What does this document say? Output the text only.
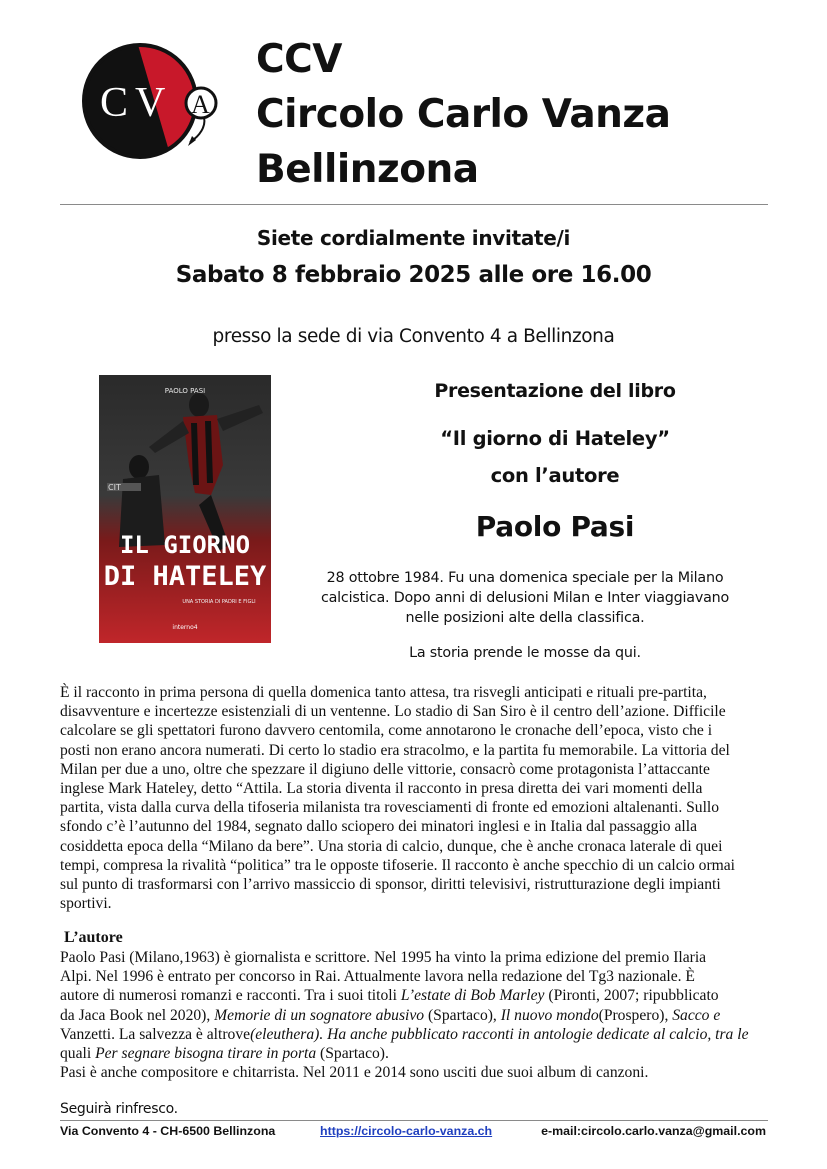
C V A
CCV
Circolo Carlo Vanza
Bellinzona
Siete cordialmente invitate/i
Sabato 8 febbraio 2025 alle ore 16.00
presso la sede di via Convento 4 a Bellinzona
CIT
PAOLO PASI
IL GIORNO
DI HATELEY
UNA STORIA DI PADRI E FIGLI
interno4
Presentazione del libro
“Il giorno di Hateley”
con l’autore
Paolo Pasi
28 ottobre 1984. Fu una domenica speciale per la Milano
calcistica. Dopo anni di delusioni Milan e Inter viaggiavano
nelle posizioni alte della classifica.
La storia prende le mosse da qui.
È il racconto in prima persona di quella domenica tanto attesa, tra risvegli anticipati e rituali pre-partita,
disavventure e incertezze esistenziali di un ventenne. Lo stadio di San Siro è il centro dell’azione. Difficile
calcolare se gli spettatori furono davvero centomila, come annotarono le cronache dell’epoca, visto che i
posti non erano ancora numerati. Di certo lo stadio era stracolmo, e la partita fu memorabile. La vittoria del
Milan per due a uno, oltre che spezzare il digiuno delle vittorie, consacrò come protagonista l’attaccante
inglese Mark Hateley, detto “Attila. La storia diventa il racconto in presa diretta dei vari momenti della
partita, vista dalla curva della tifoseria milanista tra rovesciamenti di fronte ed emozioni altalenanti. Sullo
sfondo c’è l’autunno del 1984, segnato dallo sciopero dei minatori inglesi e in Italia dal passaggio alla
cosiddetta epoca della “Milano da bere”. Una storia di calcio, dunque, che è anche cronaca laterale di quei
tempi, compresa la rivalità “politica” tra le opposte tifoserie. Il racconto è anche specchio di un calcio ormai
sul punto di trasformarsi con l’arrivo massiccio di sponsor, diritti televisivi, ristrutturazione degli impianti
sportivi.
L’autore
Paolo Pasi (Milano,1963) è giornalista e scrittore. Nel 1995 ha vinto la prima edizione del premio Ilaria
Alpi. Nel 1996 è entrato per concorso in Rai. Attualmente lavora nella redazione del Tg3 nazionale. È
autore di numerosi romanzi e racconti. Tra i suoi titoli L’estate di Bob Marley (Pironti, 2007; ripubblicato
da Jaca Book nel 2020), Memorie di un sognatore abusivo (Spartaco), Il nuovo mondo(Prospero), Sacco e
Vanzetti. La salvezza è altrove(eleuthera). Ha anche pubblicato racconti in antologie dedicate al calcio, tra le
quali Per segnare bisogna tirare in porta (Spartaco).
Pasi è anche compositore e chitarrista. Nel 2011 e 2014 sono usciti due suoi album di canzoni.
Seguirà rinfresco.
Via Convento 4 - CH-6500 Bellinzona	https://circolo-carlo-vanza.ch	e-mail:circolo.carlo.vanza@gmail.com
